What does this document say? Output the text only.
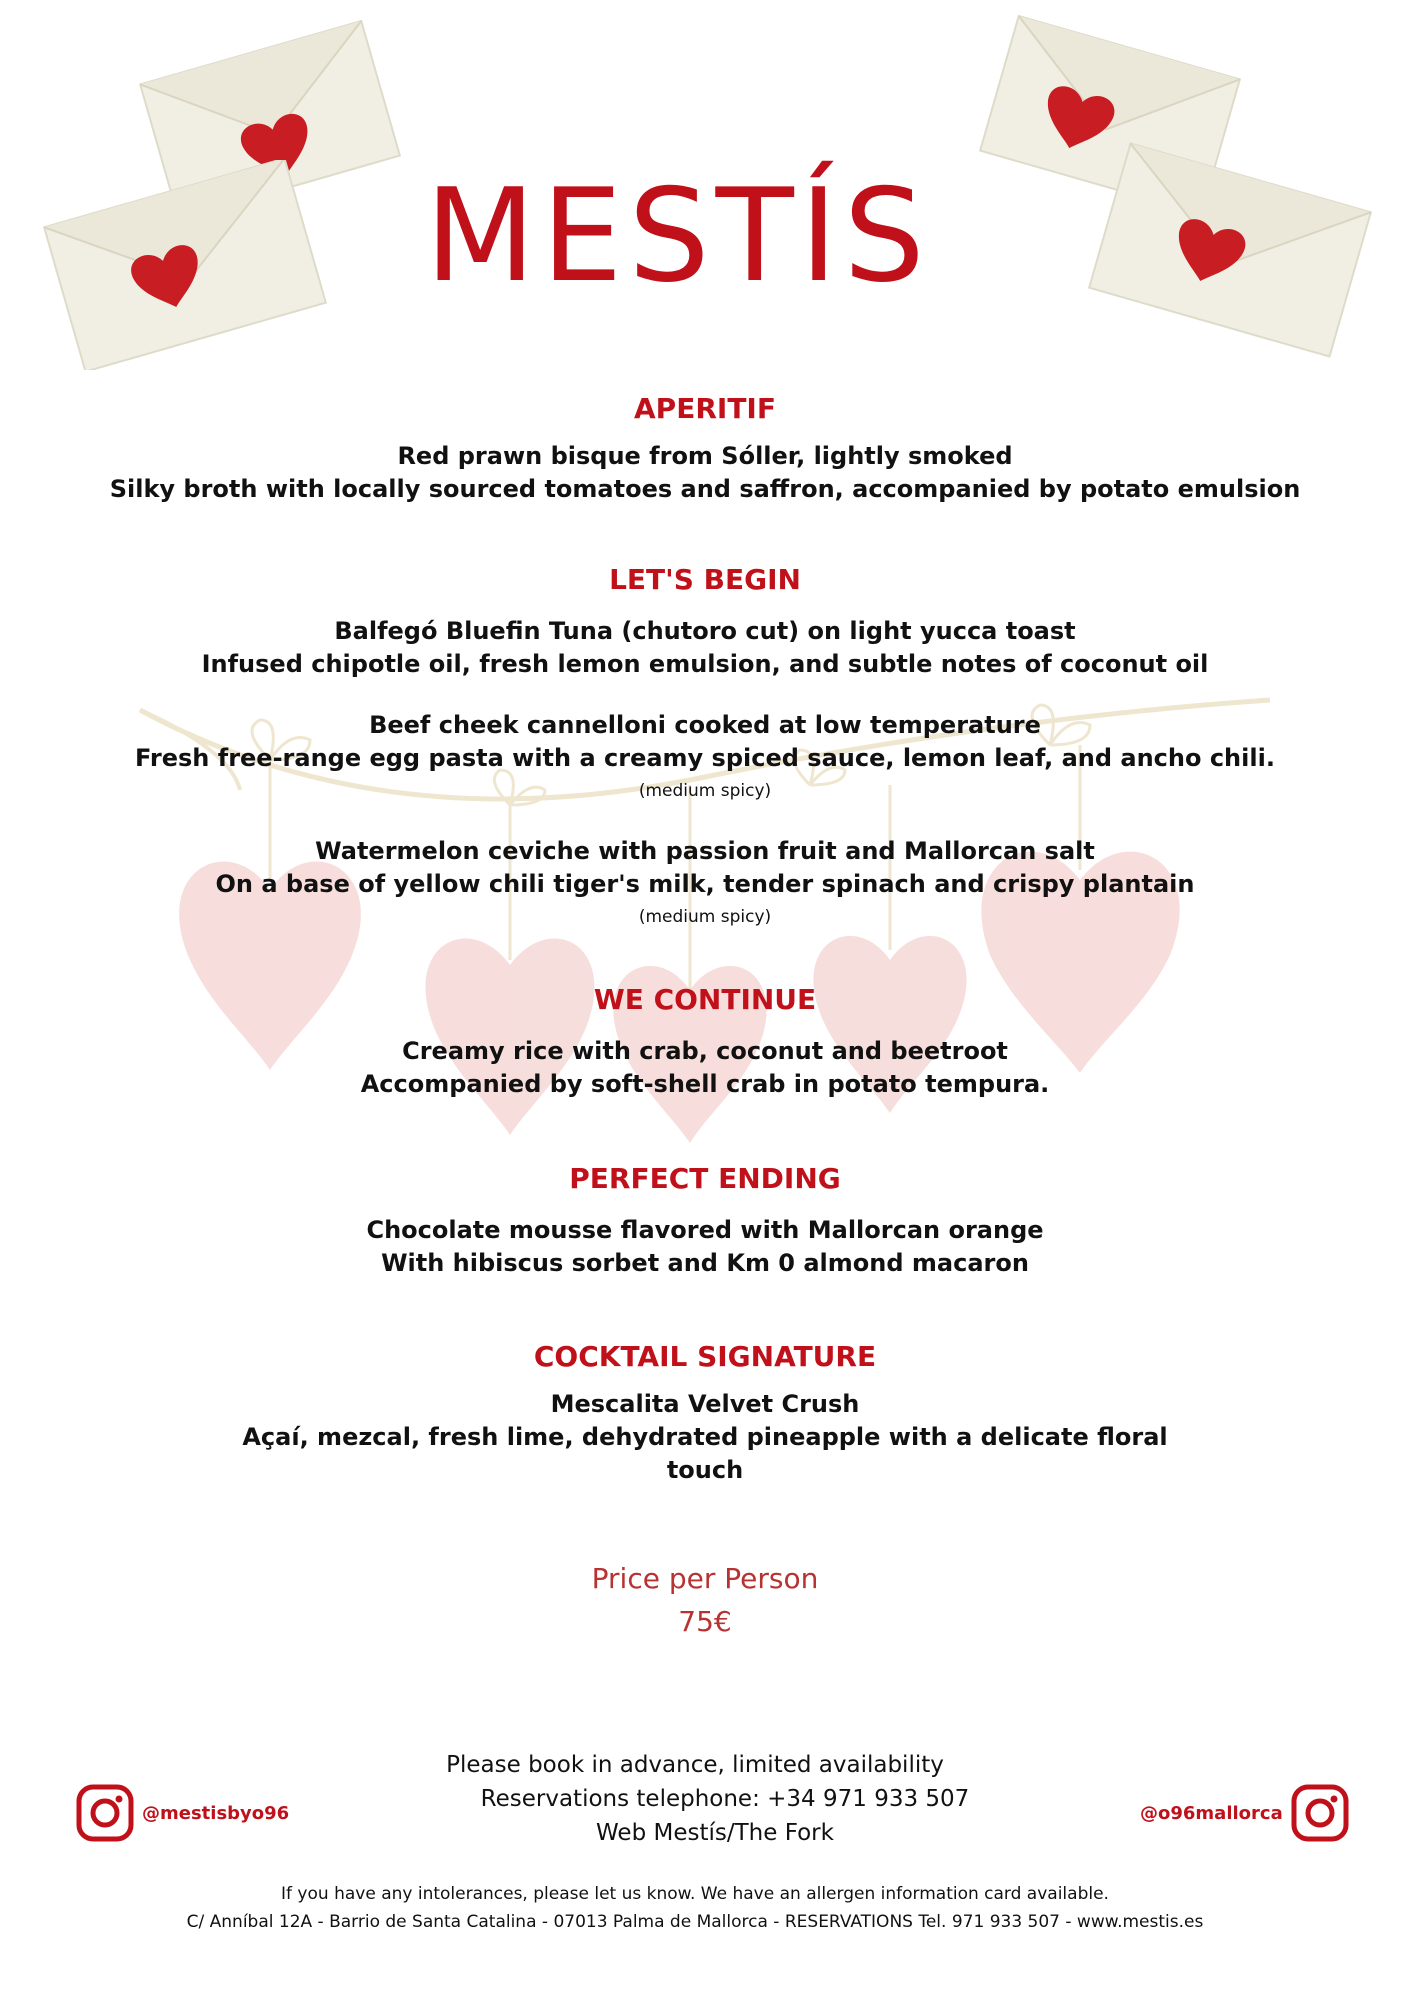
MESTÍS
APERITIF
Red prawn bisque from Sóller, lightly smoked
Silky broth with locally sourced tomatoes and saffron, accompanied by potato emulsion
LET'S BEGIN
Balfegó Bluefin Tuna (chutoro cut) on light yucca toast
Infused chipotle oil, fresh lemon emulsion, and subtle notes of coconut oil
Beef cheek cannelloni cooked at low temperature
Fresh free-range egg pasta with a creamy spiced sauce, lemon leaf, and ancho chili.
(medium spicy)
Watermelon ceviche with passion fruit and Mallorcan salt
On a base of yellow chili tiger's milk, tender spinach and crispy plantain
(medium spicy)
WE CONTINUE
Creamy rice with crab, coconut and beetroot
Accompanied by soft-shell crab in potato tempura.
PERFECT ENDING
Chocolate mousse flavored with Mallorcan orange
With hibiscus sorbet and Km 0 almond macaron
COCKTAIL SIGNATURE
Mescalita Velvet Crush
Açaí, mezcal, fresh lime, dehydrated pineapple with a delicate floral
touch
Price per Person
75€
Please book in advance, limited availability
Reservations telephone: +34 971 933 507
Web Mestís/The Fork
@mestisbyo96	@o96mallorca
If you have any intolerances, please let us know. We have an allergen information card available.
C/ Anníbal 12A - Barrio de Santa Catalina - 07013 Palma de Mallorca - RESERVATIONS Tel. 971 933 507 - www.mestis.es
